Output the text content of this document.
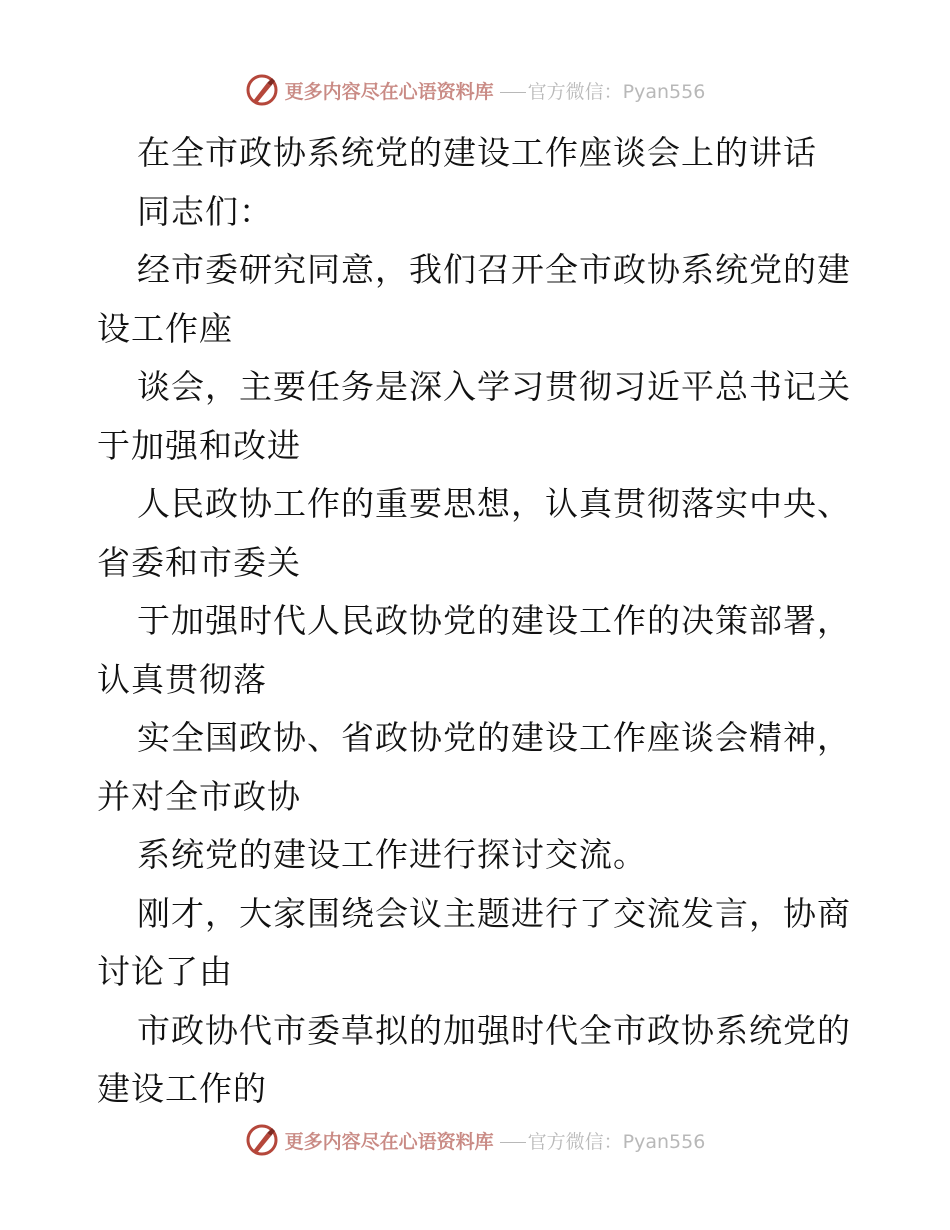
更多内容尽在心语资料库	官方微信：Pyan556
在全市政协系统党的建设工作座谈会上的讲话
同志们：
经市委研究同意，我们召开全市政协系统党的建
设工作座
谈会，主要任务是深入学习贯彻习近平总书记关
于加强和改进
人民政协工作的重要思想，认真贯彻落实中央、
省委和市委关
于加强时代人民政协党的建设工作的决策部署，
认真贯彻落
实全国政协、省政协党的建设工作座谈会精神，
并对全市政协
系统党的建设工作进行探讨交流。
刚才，大家围绕会议主题进行了交流发言，协商
讨论了由
市政协代市委草拟的加强时代全市政协系统党的
建设工作的
更多内容尽在心语资料库	官方微信：Pyan556
